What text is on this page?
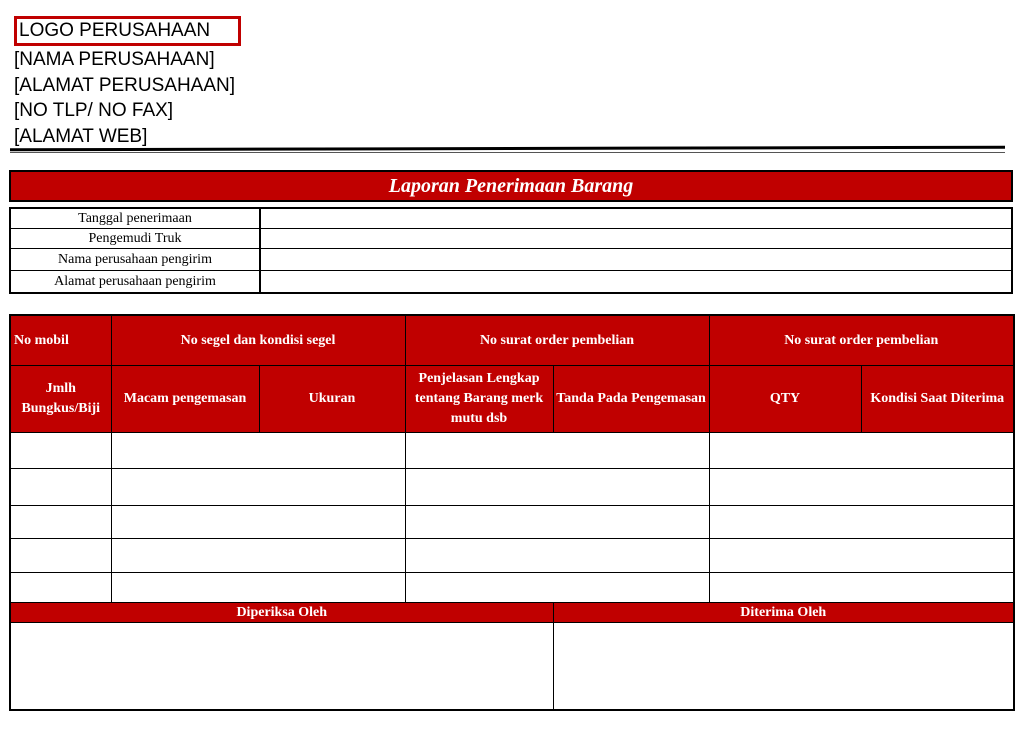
LOGO PERUSAHAAN
[NAMA PERUSAHAAN]
[ALAMAT PERUSAHAAN]
[NO TLP/ NO FAX]
[ALAMAT WEB]
Laporan Penerimaan Barang
Tanggal penerimaan	
Pengemudi Truk	
Nama perusahaan pengirim	
Alamat perusahaan pengirim	
No mobil	No segel dan kondisi segel		No surat order pembelian		No surat order pembelian	
Jmlh Bungkus/Biji	Macam pengemasan	Ukuran	Penjelasan Lengkap tentang Barang merk mutu dsb	Tanda Pada Pengemasan	QTY	Kondisi Saat Diterima

Diperiksa Oleh				Diterima Oleh		
